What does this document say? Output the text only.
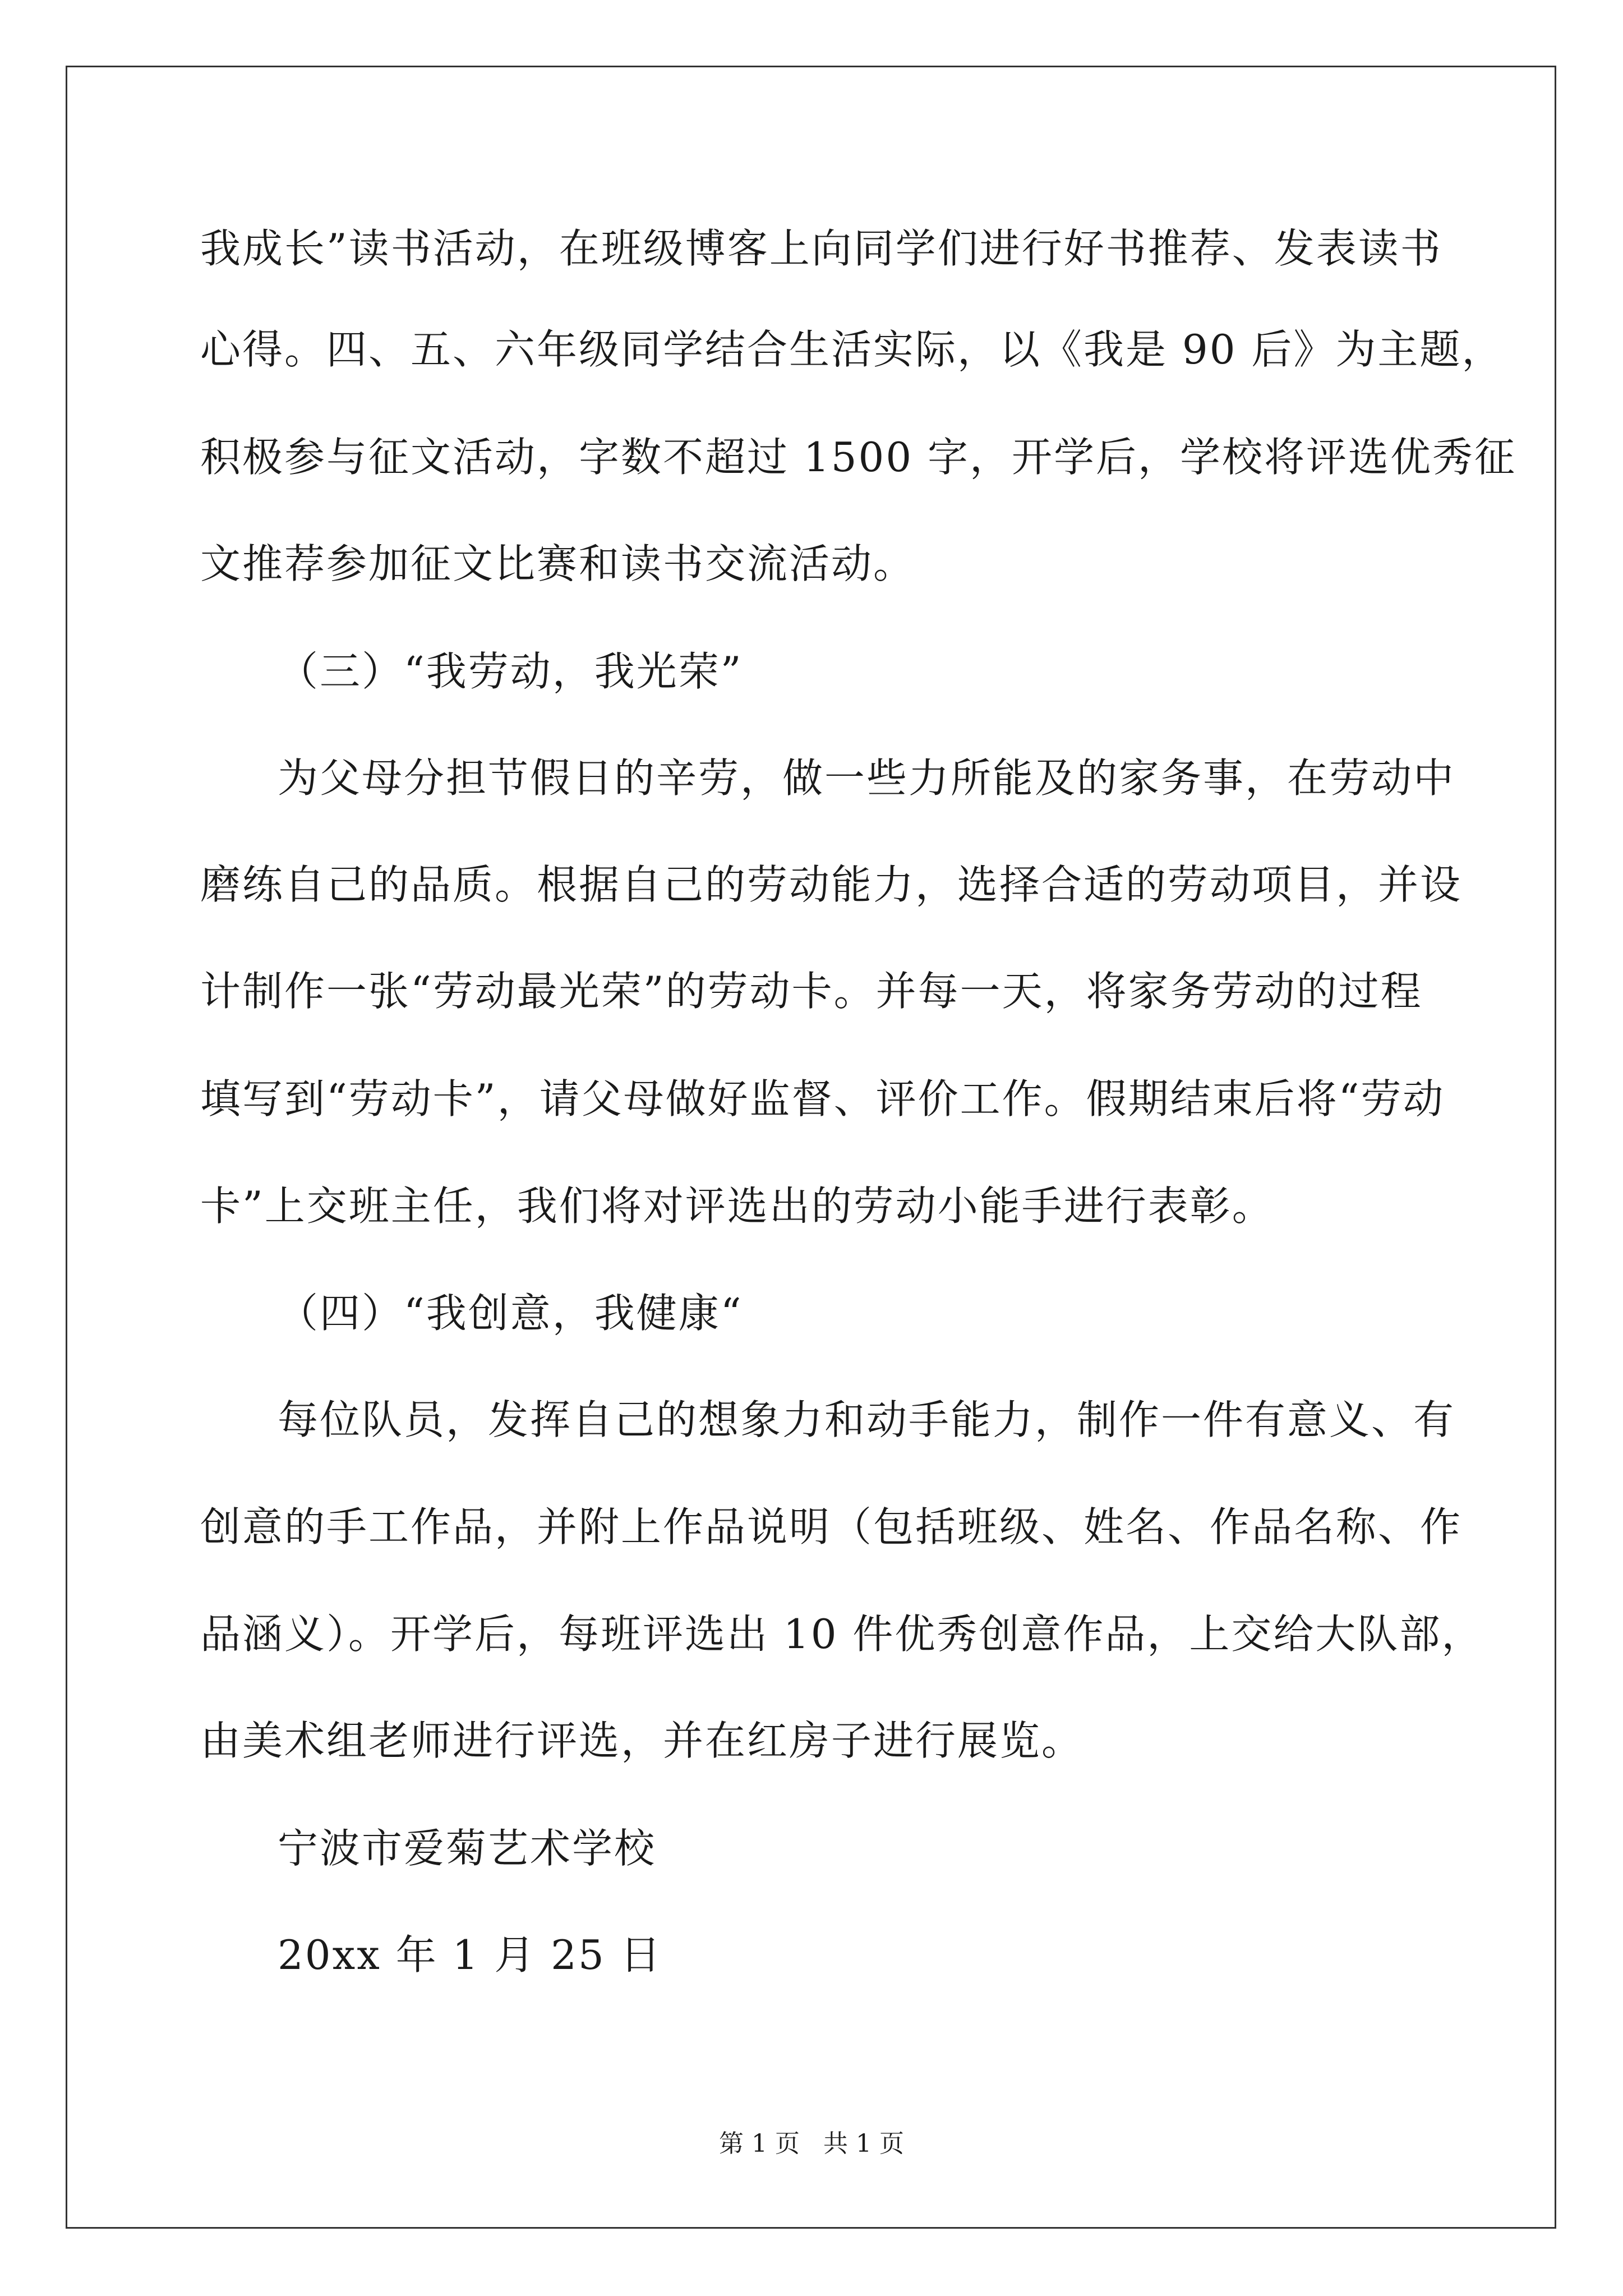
我成长”读书活动，在班级博客上向同学们进行好书推荐、发表读书
心得。四、五、六年级同学结合生活实际，以《我是 90 后》为主题，
积极参与征文活动，字数不超过 1500 字，开学后，学校将评选优秀征
文推荐参加征文比赛和读书交流活动。
（三）“我劳动，我光荣”
为父母分担节假日的辛劳，做一些力所能及的家务事，在劳动中
磨练自己的品质。根据自己的劳动能力，选择合适的劳动项目，并设
计制作一张“劳动最光荣”的劳动卡。并每一天，将家务劳动的过程
填写到“劳动卡”，请父母做好监督、评价工作。假期结束后将“劳动
卡”上交班主任，我们将对评选出的劳动小能手进行表彰。
（四）“我创意，我健康“
每位队员，发挥自己的想象力和动手能力，制作一件有意义、有
创意的手工作品，并附上作品说明（包括班级、姓名、作品名称、作
品涵义）。开学后，每班评选出 10 件优秀创意作品，上交给大队部，
由美术组老师进行评选，并在红房子进行展览。
宁波市爱菊艺术学校
20xx 年 1 月 25 日
第 1 页   共 1 页
